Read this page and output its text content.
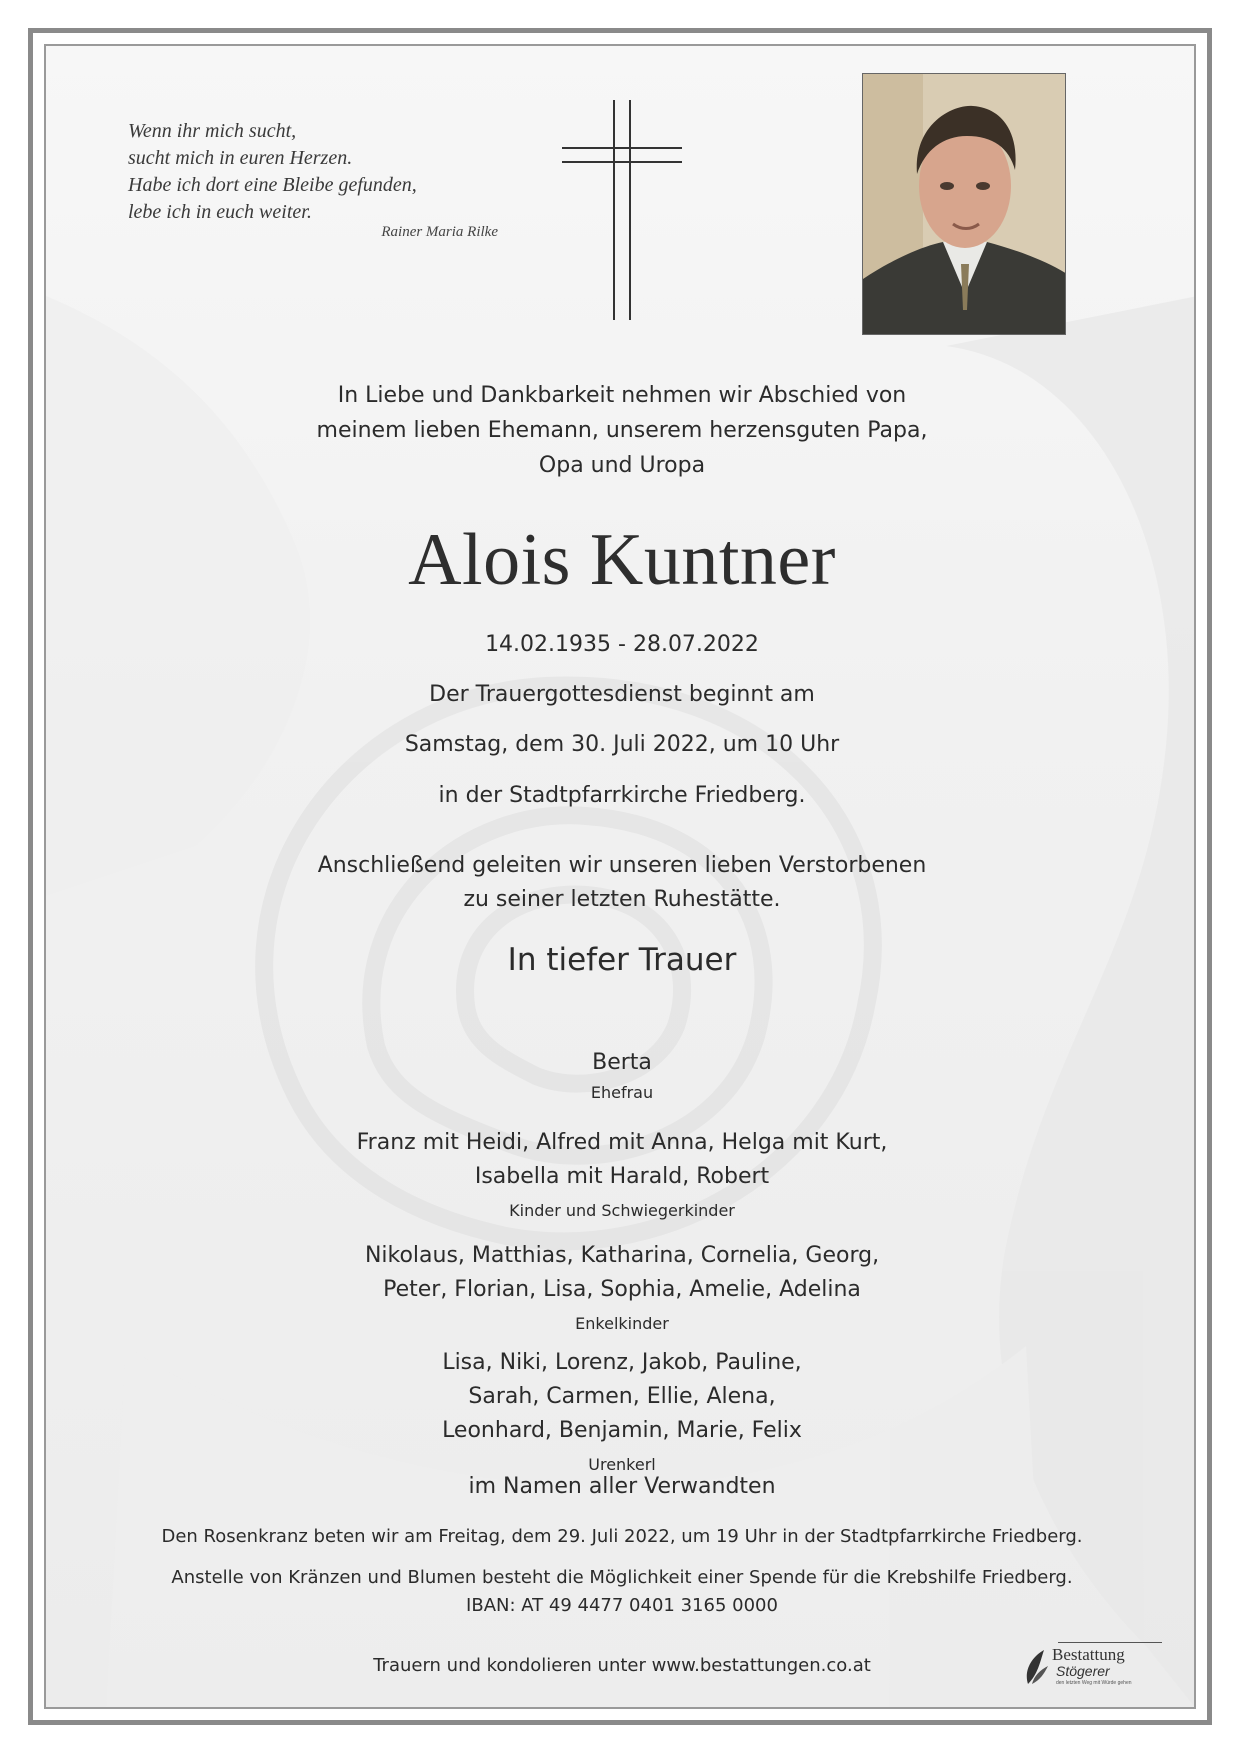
Wenn ihr mich sucht,
sucht mich in euren Herzen.
Habe ich dort eine Bleibe gefunden,
lebe ich in euch weiter.
Rainer Maria Rilke
In Liebe und Dankbarkeit nehmen wir Abschied von
meinem lieben Ehemann, unserem herzensguten Papa,
Opa und Uropa
Alois Kuntner
14.02.1935 - 28.07.2022
Der Trauergottesdienst beginnt am
Samstag, dem 30. Juli 2022, um 10 Uhr
in der Stadtpfarrkirche Friedberg.
Anschließend geleiten wir unseren lieben Verstorbenen
zu seiner letzten Ruhestätte.
In tiefer Trauer
Berta
Ehefrau
Franz mit Heidi, Alfred mit Anna, Helga mit Kurt,
Isabella mit Harald, Robert
Kinder und Schwiegerkinder
Nikolaus, Matthias, Katharina, Cornelia, Georg,
Peter, Florian, Lisa, Sophia, Amelie, Adelina
Enkelkinder
Lisa, Niki, Lorenz, Jakob, Pauline,
Sarah, Carmen, Ellie, Alena,
Leonhard, Benjamin, Marie, Felix
Urenkerl
im Namen aller Verwandten
Den Rosenkranz beten wir am Freitag, dem 29. Juli 2022, um 19 Uhr in der Stadtpfarrkirche Friedberg.
Anstelle von Kränzen und Blumen besteht die Möglichkeit einer Spende für die Krebshilfe Friedberg.
IBAN: AT 49 4477 0401 3165 0000
Trauern und kondolieren unter www.bestattungen.co.at
Bestattung
Stögerer
den letzten Weg mit Würde gehen
